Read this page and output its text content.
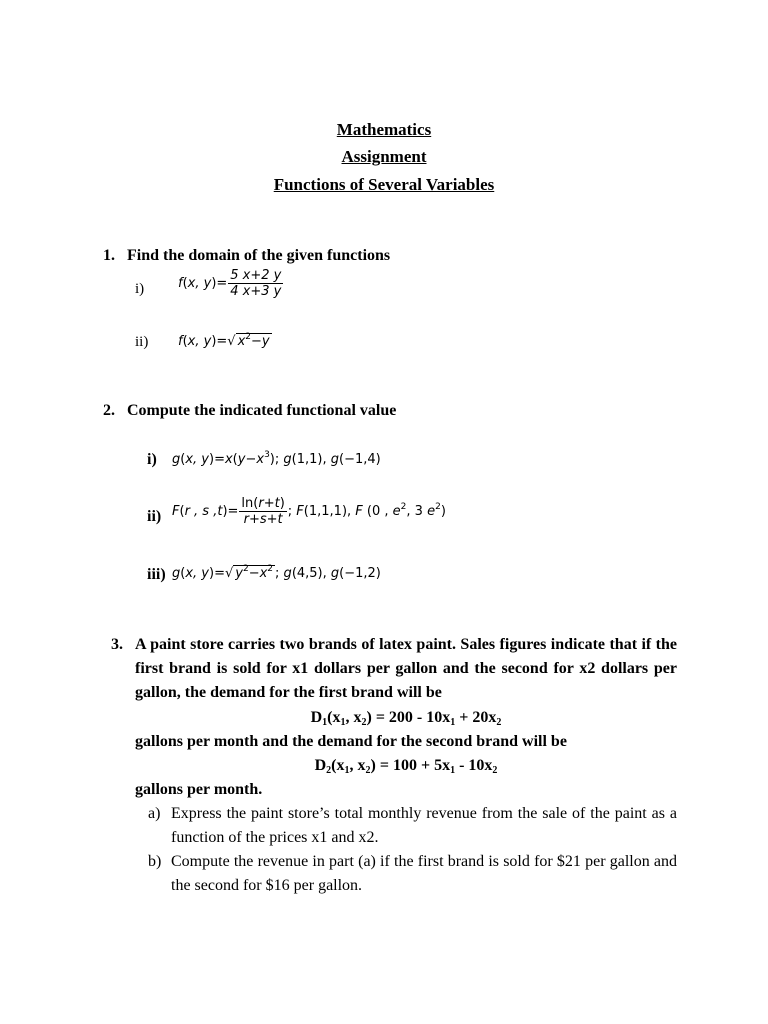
Mathematics
Assignment
Functions of Several Variables
1. Find the domain of the given functions
i)	f(x, $y)= \frac{5 x+2 y}{4 x+3 y}$
ii) f(x, y)=√ $x^2-y$
2. Compute the indicated functional value
i) g(x, $y)=x(y-x^3)$; g(1,1), g(−1,4)
ii) F(r , s $,t)= \frac{\ln(r+t)}{r+s+t}$ ; F(1,1,1), F (0 , $e^2$, 3 $e^2$)
iii) g(x, y)=√ $y^2-x^2$ ; g(4,5), g(−1,2)
3. A paint store carries two brands of latex paint. Sales figures indicate that if the first brand is sold for x1 dollars per gallon and the second for x2 dollars per gallon, the demand for the first brand will be
$D_1(x_1$, $x_2) = 200 - 10x_1 + 20x_2$
gallons per month and the demand for the second brand will be
$D_2(x_1$, $x_2) = 100 + 5x_1 - 10x_2$
gallons per month.
a) Express the paint store’s total monthly revenue from the sale of the paint as a function of the prices x1 and x2.
b) Compute the revenue in part (a) if the first brand is sold for $21 per gallon and the second for $16 per gallon.
